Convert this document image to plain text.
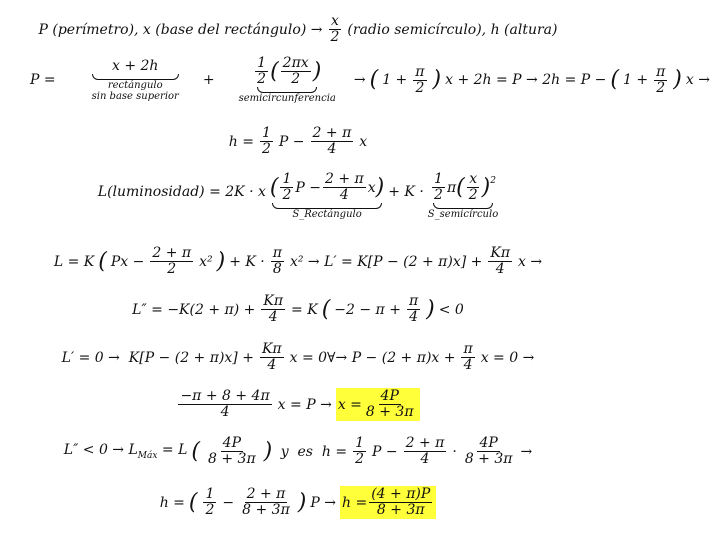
P (perímetro), x (base del rectángulo) → $\frac{x}{2}$ (radio semicírculo), h (altura)
P =
x + 2h
rectángulo
sin base superior
+	$\frac{1}{2}$ ( $\frac{2\pi x}{2}$ )
semicircunferencia
→ ( $1 + \frac{\pi}{2}$ ) x + 2h = P → 2h = P − ( $1 + \frac{\pi}{2}$ ) x →
$h = \frac{1}{2}$ $P - \frac{2 + \pi}{4}$ x
L(luminosidad) = 2K · x ( $\frac{1}{2}$ $P - \frac{2 + \pi}{4}$ x )
S_Rectángulo
+ $K \cdot \frac{1}{2}$ π ( $\frac{x}{2} )^2$
S_semicírculo
L = K ( $Px - \frac{2 + \pi}{2} x^2$ ) + $K \cdot \frac{\pi}{8} x^2 \to L' = K[P - (2 + \pi)x] + \frac{K\pi}{4}$ x →
$L'' = -K(2 + \pi) + \frac{K\pi}{4} = K$ ( $-2 - \pi + \frac{\pi}{4}$ ) < 0
$L' = 0 \to K[P - (2 + \pi)x] + \frac{K\pi}{4}$ x = 0∀→ $P - (2 + \pi)x + \frac{\pi}{4}$ x = 0 →
$\frac{-\pi + 8 + 4\pi}{4}$ $x = P \to x = \frac{4P}{8 + 3\pi}$
$L'' < 0 \to L_{Máx} = L$ ( $\frac{4P}{8 + 3\pi}$ ) y  es  $h = \frac{1}{2}$ $P - \frac{2 + \pi}{4} \cdot \frac{4P}{8 + 3\pi}$ →
h = ( $\frac{1}{2} - \frac{2 + \pi}{8 + 3\pi}$ ) $P \to h = \frac{(4 + \pi)P}{8 + 3\pi}$
